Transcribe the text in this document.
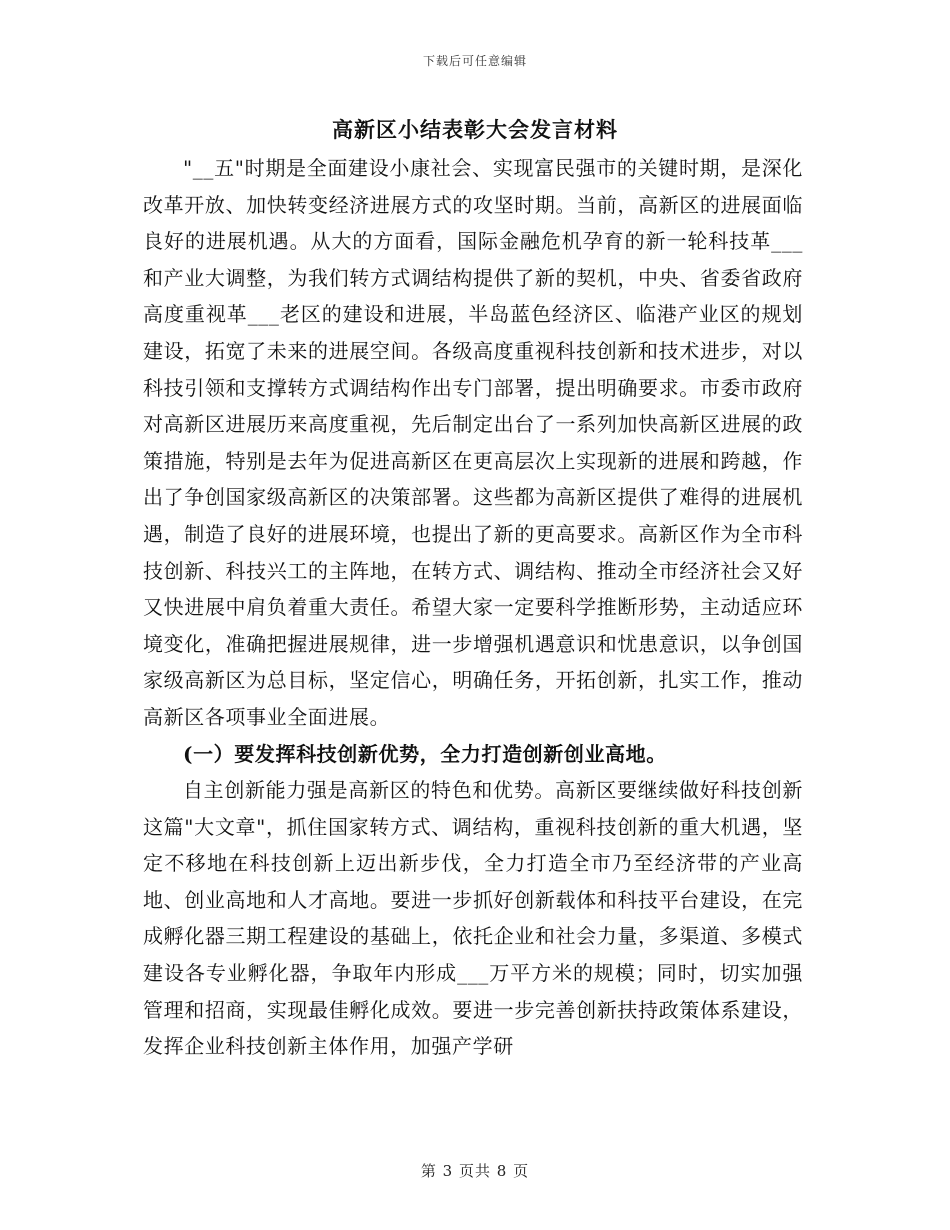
下载后可任意编辑
高新区小结表彰大会发言材料

"__五"时期是全面建设小康社会、实现富民强市的关键时期，是深化改革开放、加快转变经济进展方式的攻坚时期。当前，高新区的进展面临良好的进展机遇。从大的方面看，国际金融危机孕育的新一轮科技革___和产业大调整，为我们转方式调结构提供了新的契机，中央、省委省政府高度重视革___老区的建设和进展，半岛蓝色经济区、临港产业区的规划建设，拓宽了未来的进展空间。各级高度重视科技创新和技术进步，对以科技引领和支撑转方式调结构作出专门部署，提出明确要求。市委市政府对高新区进展历来高度重视，先后制定出台了一系列加快高新区进展的政策措施，特别是去年为促进高新区在更高层次上实现新的进展和跨越，作出了争创国家级高新区的决策部署。这些都为高新区提供了难得的进展机遇，制造了良好的进展环境，也提出了新的更高要求。高新区作为全市科技创新、科技兴工的主阵地，在转方式、调结构、推动全市经济社会又好又快进展中肩负着重大责任。希望大家一定要科学推断形势，主动适应环境变化，准确把握进展规律，进一步增强机遇意识和忧患意识，以争创国家级高新区为总目标，坚定信心，明确任务，开拓创新，扎实工作，推动高新区各项事业全面进展。

(一）要发挥科技创新优势，全力打造创新创业高地。

自主创新能力强是高新区的特色和优势。高新区要继续做好科技创新这篇"大文章"，抓住国家转方式、调结构，重视科技创新的重大机遇，坚定不移地在科技创新上迈出新步伐，全力打造全市乃至经济带的产业高地、创业高地和人才高地。要进一步抓好创新载体和科技平台建设，在完成孵化器三期工程建设的基础上，依托企业和社会力量，多渠道、多模式建设各专业孵化器，争取年内形成___万平方米的规模；同时，切实加强管理和招商，实现最佳孵化成效。要进一步完善创新扶持政策体系建设，发挥企业科技创新主体作用，加强产学研

第 3 页共 8 页
